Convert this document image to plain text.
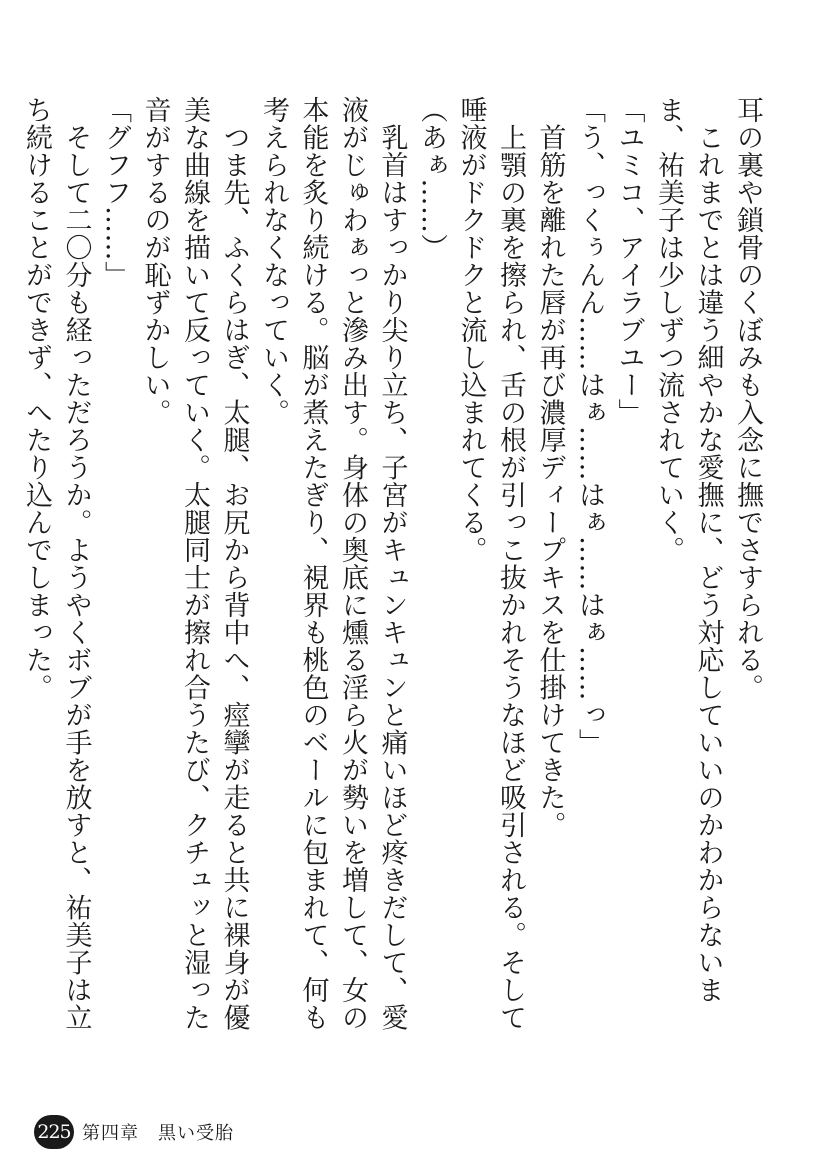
耳の裏や鎖骨のくぼみも入念に撫でさすられる。

　これまでとは違う細やかな愛撫に、どう対応していいのかわからないまま、祐美子は少しずつ流されていく。

「ユミコ、アイラブユー」

「う、っくぅんん……はぁ……はぁ……はぁ……っ」

　首筋を離れた唇が再び濃厚ディープキスを仕掛けてきた。

　上顎の裏を擦られ、舌の根が引っこ抜かれそうなほど吸引される。そして唾液がドクドクと流し込まれてくる。

（あぁ……）

　乳首はすっかり尖り立ち、子宮がキュンキュンと痛いほど疼きだして、愛液がじゅわぁっと滲み出す。身体の奥底に燻る淫ら火が勢いを増して、女の本能を炙り続ける。脳が煮えたぎり、視界も桃色のベールに包まれて、何も考えられなくなっていく。

　つま先、ふくらはぎ、太腿、お尻から背中へ、痙攣が走ると共に裸身が優美な曲線を描いて反っていく。太腿同士が擦れ合うたび、クチュッと湿った音がするのが恥ずかしい。

「グフフ……」

　そして二〇分も経っただろうか。ようやくボブが手を放すと、祐美子は立ち続けることができず、へたり込んでしまった。

225 第四章　黒い受胎
